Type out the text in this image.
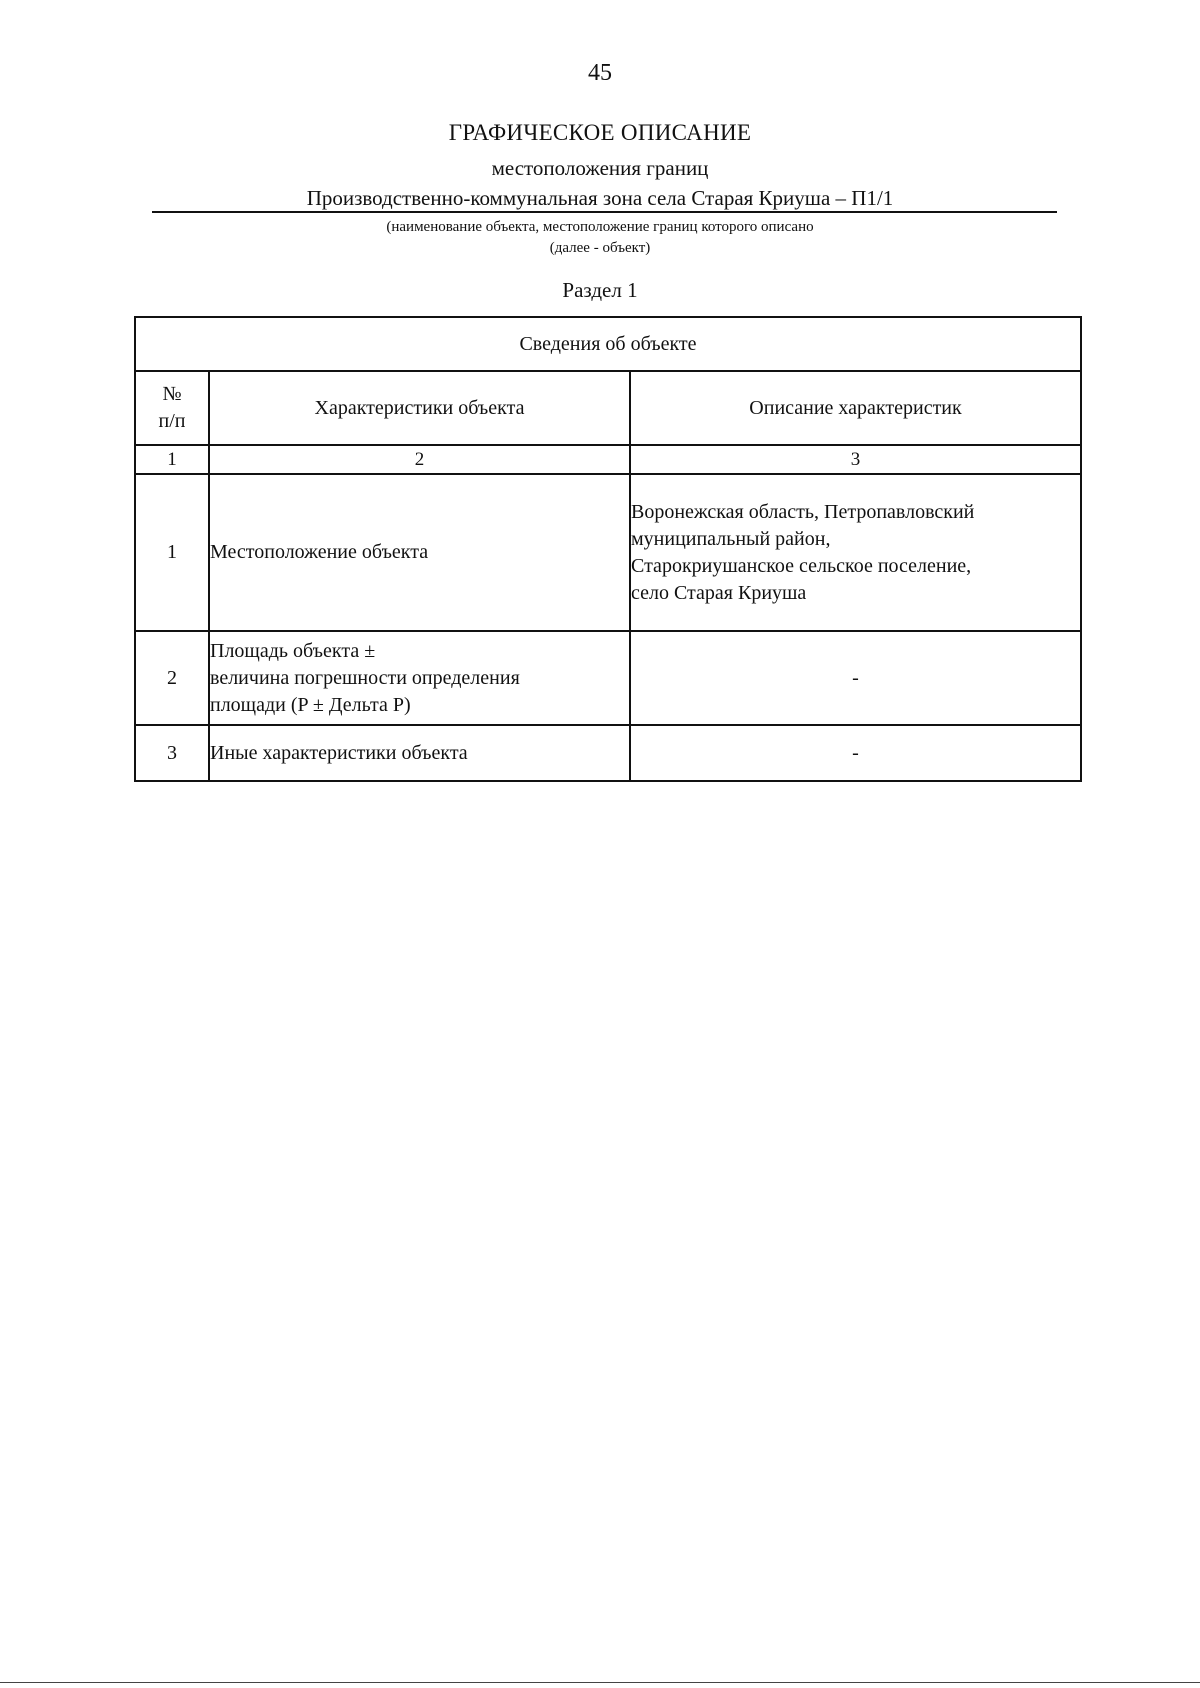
45
ГРАФИЧЕСКОЕ ОПИСАНИЕ
местоположения границ
Производственно-коммунальная зона села Старая Криуша – П1/1
(наименование объекта, местоположение границ которого описано
(далее - объект)
Раздел 1
Сведения об объекте		

№
п/п	Характеристики объекта	Описание характеристик
1	2	3
1	Местоположение объекта	Воронежская область, Петропавловский
муниципальный район,
Старокриушанское сельское поселение,
село Старая Криуша

2	Площадь объекта ±
величина погрешности определения
площади (P ± Дельта P)	-
3	Иные характеристики объекта	-
